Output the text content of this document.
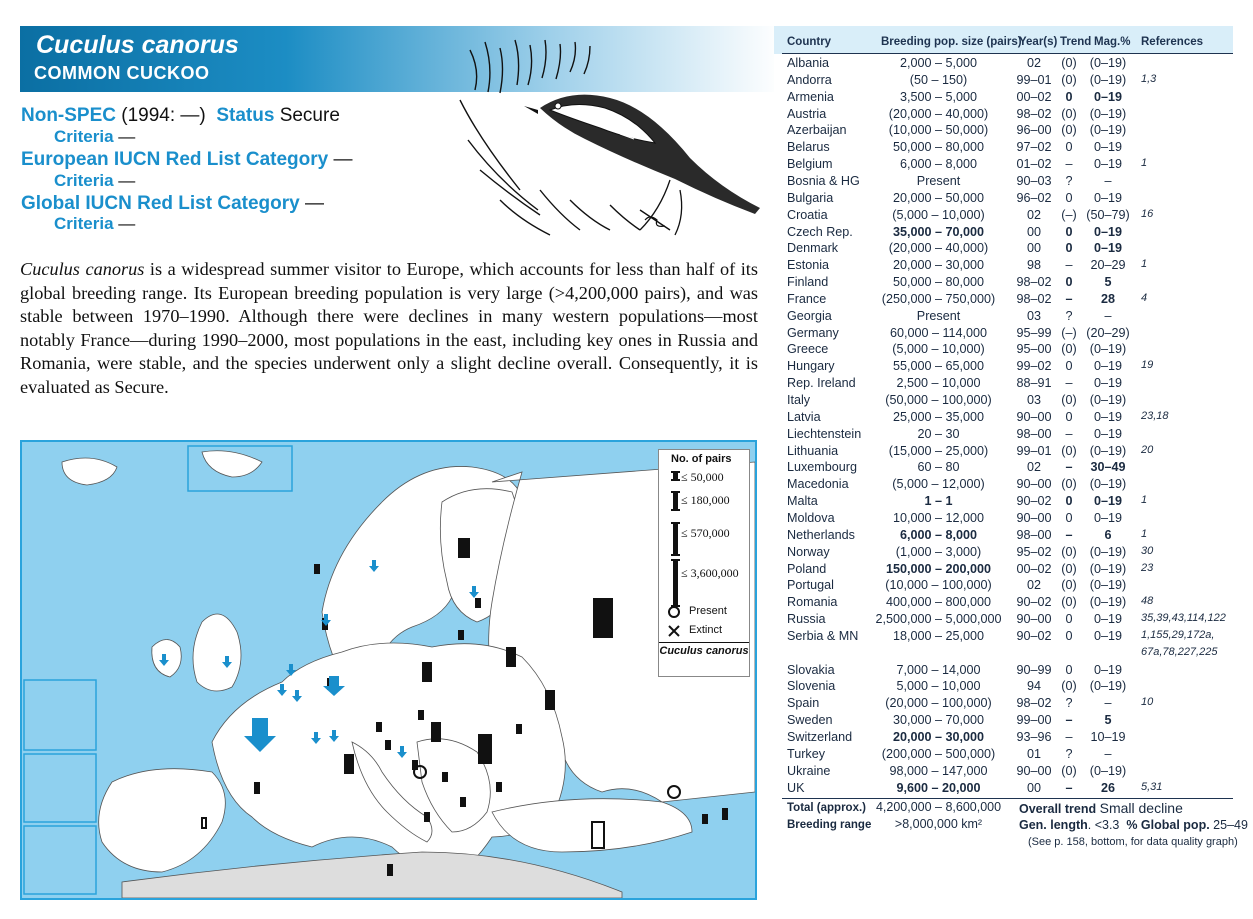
Cuculus canorus
COMMON CUCKOO
Non-SPEC (1994: —) Status Secure
Criteria —
European IUCN Red List Category —
Criteria —
Global IUCN Red List Category —
Criteria —
Cuculus canorus is a widespread summer visitor to Europe, which accounts for less than half of its global breeding range. Its European breeding population is very large (>4,200,000 pairs), and was stable between 1970–1990. Although there were declines in many western populations—most notably France—during 1990–2000, most populations in the east, including key ones in Russia and Romania, were stable, and the species underwent only a slight decline overall. Consequently, it is evaluated as Secure.
No. of pairs
≤ 50,000
≤ 180,000
≤ 570,000
≤ 3,600,000
Present
Extinct
Cuculus canorus
Country	Breeding pop. size (pairs)
Year(s) Trend Mag.% References
Albania	2,000 – 5,000	02	(0)	(0–19)
Andorra	(50 – 150)	99–01 (0)	(0–19)	1,3
Armenia	3,500 – 5,000	00–02	0	0–19
Austria	(20,000 – 40,000)	98–02 (0)	(0–19)
Azerbaijan	(10,000 – 50,000)	96–00 (0)	(0–19)
Belarus	50,000 – 80,000	97–02	0	0–19
Belgium	6,000 – 8,000	01–02	–	0–19	1
Bosnia & HG	Present	90–03	?	–
Bulgaria	20,000 – 50,000	96–02	0	0–19
Croatia	(5,000 – 10,000)	02	(–) (50–79)	16
Czech Rep.	35,000 – 70,000	00	0	0–19
Denmark	(20,000 – 40,000)	00	0	0–19
Estonia	20,000 – 30,000	98	–	20–29	1
Finland	50,000 – 80,000	98–02	0	5
France	(250,000 – 750,000)	98–02	–	28	4
Georgia	Present	03	?	–
Germany	60,000 – 114,000	95–99 (–) (20–29)
Greece	(5,000 – 10,000)	95–00 (0)	(0–19)
Hungary	55,000 – 65,000	99–02	0	0–19	19
Rep. Ireland	2,500 – 10,000	88–91	–	0–19
Italy	(50,000 – 100,000)	03	(0)	(0–19)
Latvia	25,000 – 35,000	90–00	0	0–19	23,18
Liechtenstein	20 – 30	98–00	–	0–19
Lithuania	(15,000 – 25,000)	99–01 (0)	(0–19)	20
Luxembourg	60 – 80	02	–	30–49
Macedonia	(5,000 – 12,000)	90–00 (0)	(0–19)
Malta	1 – 1	90–02	0	0–19	1
Moldova	10,000 – 12,000	90–00	0	0–19
Netherlands	6,000 – 8,000	98–00	–	6	1
Norway	(1,000 – 3,000)	95–02 (0)	(0–19)	30
Poland	150,000 – 200,000	00–02 (0)	(0–19)	23
Portugal	(10,000 – 100,000)	02	(0)	(0–19)
Romania	400,000 – 800,000	90–02 (0)	(0–19)	48
Russia	2,500,000 – 5,000,000 90–00	0	0–19	35,39,43,114,122
Serbia & MN	18,000 – 25,000	90–02	0	0–19	1,155,29,172a,
67a,78,227,225
Slovakia	7,000 – 14,000	90–99	0	0–19
Slovenia	5,000 – 10,000	94	(0)	(0–19)
Spain	(20,000 – 100,000)	98–02	?	–	10
Sweden	30,000 – 70,000	99–00	–	5
Switzerland	20,000 – 30,000	93–96	–	10–19
Turkey	(200,000 – 500,000)	01	?	–
Ukraine	98,000 – 147,000	90–00 (0)	(0–19)
UK	9,600 – 20,000	00	–	26	5,31
Total (approx.) 4,200,000 – 8,600,000
Breeding range	>8,000,000 km²
Overall trend Small decline
Gen. length. <3.3 % Global pop. 25–49
(See p. 158, bottom, for data quality graph)
